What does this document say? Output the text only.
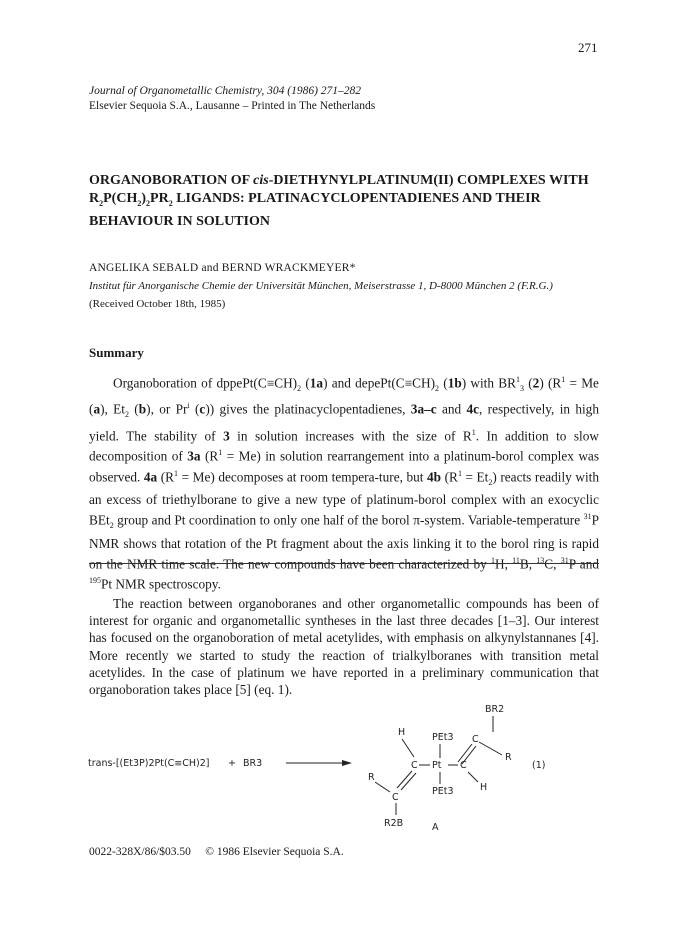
271
Journal of Organometallic Chemistry, 304 (1986) 271–282
Elsevier Sequoia S.A., Lausanne – Printed in The Netherlands
ORGANOBORATION OF cis-DIETHYNYLPLATINUM(II) COMPLEXES WITH $R_2P(CH_2)_2PR_2$ LIGANDS: PLATINACYCLOPENTADIENES AND THEIR BEHAVIOUR IN SOLUTION
ANGELIKA SEBALD and BERND WRACKMEYER*
Institut für Anorganische Chemie der Universität München, Meiserstrasse 1, D-8000 München 2 (F.R.G.)
(Received October 18th, 1985)
Summary
Organoboration of $dppePt(C\equiv CH)_2$ (1a) and $depePt(C\equiv CH)_2$ (1b) with $BR^1_3$ (2) ($R^1 = Me$ (a), $Et_2$ (b), or Pr$^i$ (c)) gives the platinacyclopentadienes, 3a–c and 4c, respectively, in high yield. The stability of 3 in solution increases with the size of $R^1$. In addition to slow decomposition of 3a $(R^1 = Me)$ in solution rearrangement into a platinum-borol complex was observed. 4a $(R^1 = Me)$ decomposes at room tempera-ture, but 4b $(R^1 = Et_2)$ reacts readily with an excess of triethylborane to give a new type of platinum-borol complex with an exocyclic BEt$_2$ group and Pt coordination to only one half of the borol π-system. Variable-temperature $^{31}$P NMR shows that rotation of the Pt fragment about the axis linking it to the borol ring is rapid on the NMR time scale. The new compounds have been characterized by $^1$H, $^{11}$B, $^{13}$C, $^{31}$P and $^{195}$Pt NMR spectroscopy.
The reaction between organoboranes and other organometallic compounds has been of interest for organic and organometallic syntheses in the last three decades [1–3]. Our interest has focused on the organoboration of metal acetylides, with emphasis on alkynylstannanes [4]. More recently we started to study the reaction of trialkylboranes with transition metal acetylides. In the case of platinum we have reported in a preliminary communication that organoboration takes place [5] (eq. 1).
trans-[(Et3P)2Pt(C≡CH)2] + BR3
BR2
C
R
PEt3
H
C Pt C	(1)
PEt3	H
R
C
R2B	A
0022-328X/86/$03.50     © 1986 Elsevier Sequoia S.A.
